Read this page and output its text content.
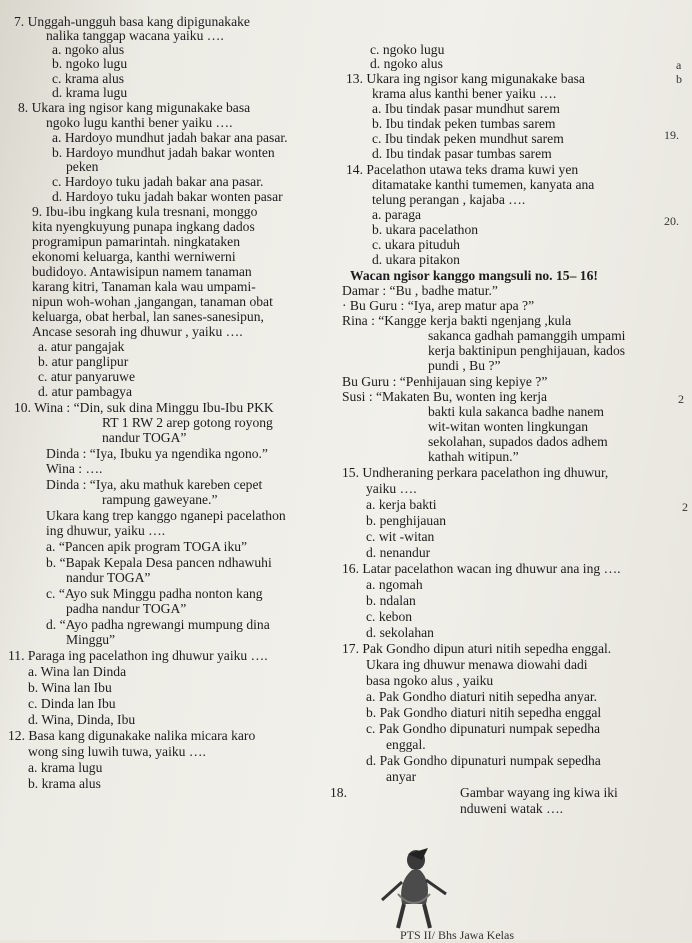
7. Unggah-ungguh basa kang dipigunakake
nalika tanggap wacana yaiku ….
a. ngoko alus
b. ngoko lugu
c. krama alus
d. krama lugu
8. Ukara ing ngisor kang migunakake basa
ngoko lugu kanthi bener yaiku ….
a. Hardoyo mundhut jadah bakar ana pasar.
b. Hardoyo mundhut jadah bakar wonten
peken
c. Hardoyo tuku jadah bakar ana pasar.
d. Hardoyo tuku jadah bakar wonten pasar
9. Ibu-ibu ingkang kula tresnani, monggo
kita nyengkuyung punapa ingkang dados
programipun pamarintah. ningkataken
ekonomi keluarga, kanthi werniwerni
budidoyo. Antawisipun namem tanaman
karang kitri, Tanaman kala wau umpami-
nipun woh-wohan ,jangangan, tanaman obat
keluarga, obat herbal, lan sanes-sanesipun,
Ancase sesorah ing dhuwur , yaiku ….
a. atur pangajak
b. atur panglipur
c. atur panyaruwe
d. atur pambagya
10. Wina : “Din, suk dina Minggu Ibu-Ibu PKK
RT 1 RW 2 arep gotong royong
nandur TOGA”
Dinda : “Iya, Ibuku ya ngendika ngono.”
Wina : ….
Dinda : “Iya, aku mathuk kareben cepet
rampung gaweyane.”
Ukara kang trep kanggo nganepi pacelathon
ing dhuwur, yaiku ….
a. “Pancen apik program TOGA iku”
b. “Bapak Kepala Desa pancen ndhawuhi
nandur TOGA”
c. “Ayo suk Minggu padha nonton kang
padha nandur TOGA”
d. “Ayo padha ngrewangi mumpung dina
Minggu”
11. Paraga ing pacelathon ing dhuwur yaiku ….
a. Wina lan Dinda
b. Wina lan Ibu
c. Dinda lan Ibu
d. Wina, Dinda, Ibu
12. Basa kang digunakake nalika micara karo
wong sing luwih tuwa, yaiku ….
a. krama lugu
b. krama alus
c. ngoko lugu
d. ngoko alus
13. Ukara ing ngisor kang migunakake basa
krama alus kanthi bener yaiku ….
a. Ibu tindak pasar mundhut sarem
b. Ibu tindak peken tumbas sarem
c. Ibu tindak peken mundhut sarem
d. Ibu tindak pasar tumbas sarem
14. Pacelathon utawa teks drama kuwi yen
ditamatake kanthi tumemen, kanyata ana
telung perangan , kajaba ….
a. paraga
b. ukara pacelathon
c. ukara pituduh
d. ukara pitakon
Wacan ngisor kanggo mangsuli no. 15– 16!
Damar : “Bu , badhe matur.”
· Bu Guru : “Iya, arep matur apa ?”
Rina : “Kangge kerja bakti ngenjang ,kula
sakanca gadhah pamanggih umpami
kerja baktinipun penghijauan, kados
pundi , Bu ?”
Bu Guru : “Penhijauan sing kepiye ?”
Susi : “Makaten Bu, wonten ing kerja
bakti kula sakanca badhe nanem
wit-witan wonten lingkungan
sekolahan, supados dados adhem
kathah witipun.”
15. Undheraning perkara pacelathon ing dhuwur,
yaiku ….
a. kerja bakti
b. penghijauan
c. wit -witan
d. nenandur
16. Latar pacelathon wacan ing dhuwur ana ing ….
a. ngomah
b. ndalan
c. kebon
d. sekolahan
17. Pak Gondho dipun aturi nitih sepedha enggal.
Ukara ing dhuwur menawa diowahi dadi
basa ngoko alus , yaiku
a. Pak Gondho diaturi nitih sepedha anyar.
b. Pak Gondho diaturi nitih sepedha enggal
c. Pak Gondho dipunaturi numpak sepedha
enggal.
d. Pak Gondho dipunaturi numpak sepedha
anyar
18.	Gambar wayang ing kiwa iki
nduweni watak ….
a
b
19.
20.
2
2
PTS II/ Bhs Jawa Kelas
